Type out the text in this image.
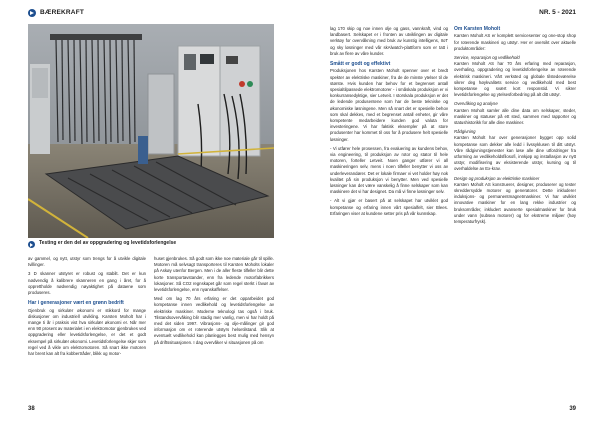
BÆREKRAFT
Testing er den del av oppgradering og levetidsforlengelse

av gammel, og nytt, utstyr som trengs for å utvikle digitale tvillinger.

3 D skanner utstyret er robust og stabilt. Det er kun nødvendig å kalibrere skanneren en gang i året, for å opprettholde nødvendig nøyaktighet på dataene som produseres.

Har i generasjoner vært en grønn bedrift

Gjenbruk og sirkulær økonomi er stikkord for mange diskusjoner om industriell utvikling. Karsten Moholt har i mange ti år i praksis vist hva sirkulær økonomi er. Når mer enn 90 prosent av materialet i en elektromotor gjenbrukes ved oppgradering eller levetidsforlengelse, er det et godt eksempel på sirkulær økonomi. Levetidsforlengelse skjer som regel ved å vikle om elektromotoren. Så snart ikke motoren har brent kan alt fra kobbertråder, blikk og motor-

huset gjenbrukes. Så godt som ikke noe materiale går til spille. Motoren må selvsagt transporteres til Karsten Moholts lokaler på Askøy utenfor Bergen. Men i de aller fleste tilfeller blir dette korte transportavstander, enn fra ledende motorfabrikkers lokasjoner. Så CO2 regnskapet går som regel sterkt i favør av levetidsforlengelse, enn nyanskaffelser.

Med om lag 70 års erfaring er det opparbeidet god kompetanse innen vedlikehold og levetidsforlengelse av elektriske maskiner. Moderne teknologi tas også i bruk. Tilstandsovervåking blir stadig mer vanlig, men vi har holdt på med det siden 1997. Vibrasjons- og olje-målinger gir god informasjon om et roterende utstyrs helsetilstand. Slik at eventuelt vedlikehold kan planlegges best mulig med hensyn på driftssituasjonen. I dag overvåker vi situasjonen på om

38
NR. 5 - 2021

lag 170 skip og noe innen olje og gass, vannkraft, vind og landbasert. Selskapet er i fronten av utviklingen av digitale verktøy for overvåkning med bruk av kunstig intelligens, IIoT og sky løsninger med vår skAlwatch-plattform som er tatt i bruk av flere av våre kunder.

Smått er godt og effektivt

Produksjonen hos Karsten Moholt spenner over et bredt spekter av elektriske maskiner, fra de de minste ytelser til de største. Hvis kunden har behov for et begrenset antall spesialtilpassede elektromotorer - i småskala produksjon er vi konkurransedyktige, sier Letveit. I storskala produksjon er det de ledende produsentene som har de beste tekniske og økonomiske løsningene. Men så snart det er spesielle behov som skal dekkes, med et begrenset antall enheter, gir våre kompetente medarbeidere kunden god valuta for investeringene. Vi har faktisk eksempler på at store produsenter har kommet til oss for å produsere helt spesielle løsninger.

- Vi utfører hele prosessen, fra evaluering av kundens behov, via engineering, til produksjon av rotor og stator til hele motoren, forteller Letveit. Noen ganger utfører vi all maskineringen selv, mens i noen tilfeller benytter vi oss av underleverandører. Det er lokale firmaer vi vet holder høy nok kvalitet på sin produksjon vi benytter. Men ved spesielle løsninger kan det være vanskelig å finne selskaper som kan maskinere det vi har designet. Da må vi finne løsninger selv.

- Alt vi gjør er basert på at selskapet har utviklet god kompetanse og erfaring innen vårt spesialfelt, sier Blees. Erfaringen viser at kundene setter pris på vår kunnskap.

Om Karsten Moholt

Karsten Moholt AS er komplett servicesenter og one-stop shop for roterende maskineri og utstyr. Her er oversikt over aktuelle produktområder:

Service, reparasjon og vedlikehold

Karsten Moholt AS har 70 års erfaring med reparasjon, overhaling, oppgradering og levetidsforlengelse av roterende elektrisk maskineri. Vårt verksted og globale tilstedeværelse sikrer deg høykvalitets service og vedlikehold med best kompetanse og svært kort responstid. Vi sikrer levetidsforlengelse og ytelsesforbedring på alt ditt utstyr.

Overvåking og analyse

Karsten Moholt samler alle dine data om selskaper, steder, maskiner og statuser på ett sted, sammen med rapporter og statushistorikk for alle dine maskiner.

Rådgivning

Karsten Moholt har over generasjoner bygget opp solid kompetanse som dekker alle ledd i livssyklusen til ditt utstyr. Våre rådgivningstjenester kan løse alle dine utfordringer fra utforming av vedlikeholdsfilosofi, innkjøp og installasjon av nytt utstyr, modifisering av eksisterende utstyr, kursing og til overhaldelse av Ex-krav.

Design og produksjon av elektriske maskiner

Karsten Moholt AS konstruerer, designer, produserer og tester skreddersydde motorer og generatorer. Dette inkluderer induksjons- og permanentmagnetmaskiner. Vi har utviklet innovative maskiner for en lang rekke industrier og bruksområder, inkludert avanserte spesialmaskiner for bruk under vann (subsea motorer) og for ekstreme miljøer (høy temperaturfrysk).

39
